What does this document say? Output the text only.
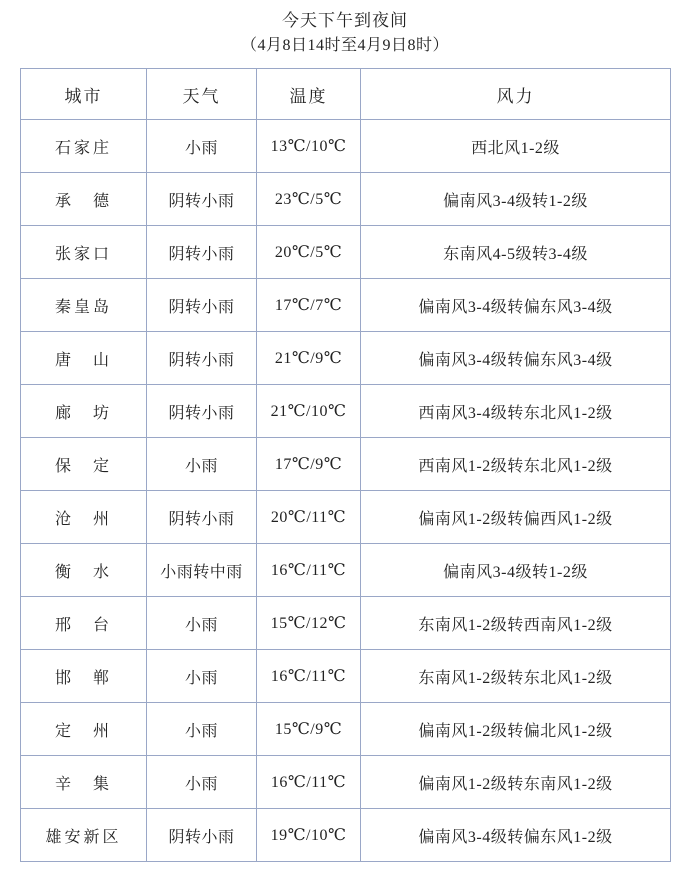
今天下午到夜间
（4月8日14时至4月9日8时）
城市	天气	温度	风力
石家庄	小雨	13℃/10℃	西北风1-2级
承　德	阴转小雨	23℃/5℃	偏南风3-4级转1-2级
张家口	阴转小雨	20℃/5℃	东南风4-5级转3-4级
秦皇岛	阴转小雨	17℃/7℃	偏南风3-4级转偏东风3-4级
唐　山	阴转小雨	21℃/9℃	偏南风3-4级转偏东风3-4级
廊　坊	阴转小雨	21℃/10℃	西南风3-4级转东北风1-2级
保　定	小雨	17℃/9℃	西南风1-2级转东北风1-2级
沧　州	阴转小雨	20℃/11℃	偏南风1-2级转偏西风1-2级
衡　水	小雨转中雨	16℃/11℃	偏南风3-4级转1-2级
邢　台	小雨	15℃/12℃	东南风1-2级转西南风1-2级
邯　郸	小雨	16℃/11℃	东南风1-2级转东北风1-2级
定　州	小雨	15℃/9℃	偏南风1-2级转偏北风1-2级
辛　集	小雨	16℃/11℃	偏南风1-2级转东南风1-2级
雄安新区	阴转小雨	19℃/10℃	偏南风3-4级转偏东风1-2级
